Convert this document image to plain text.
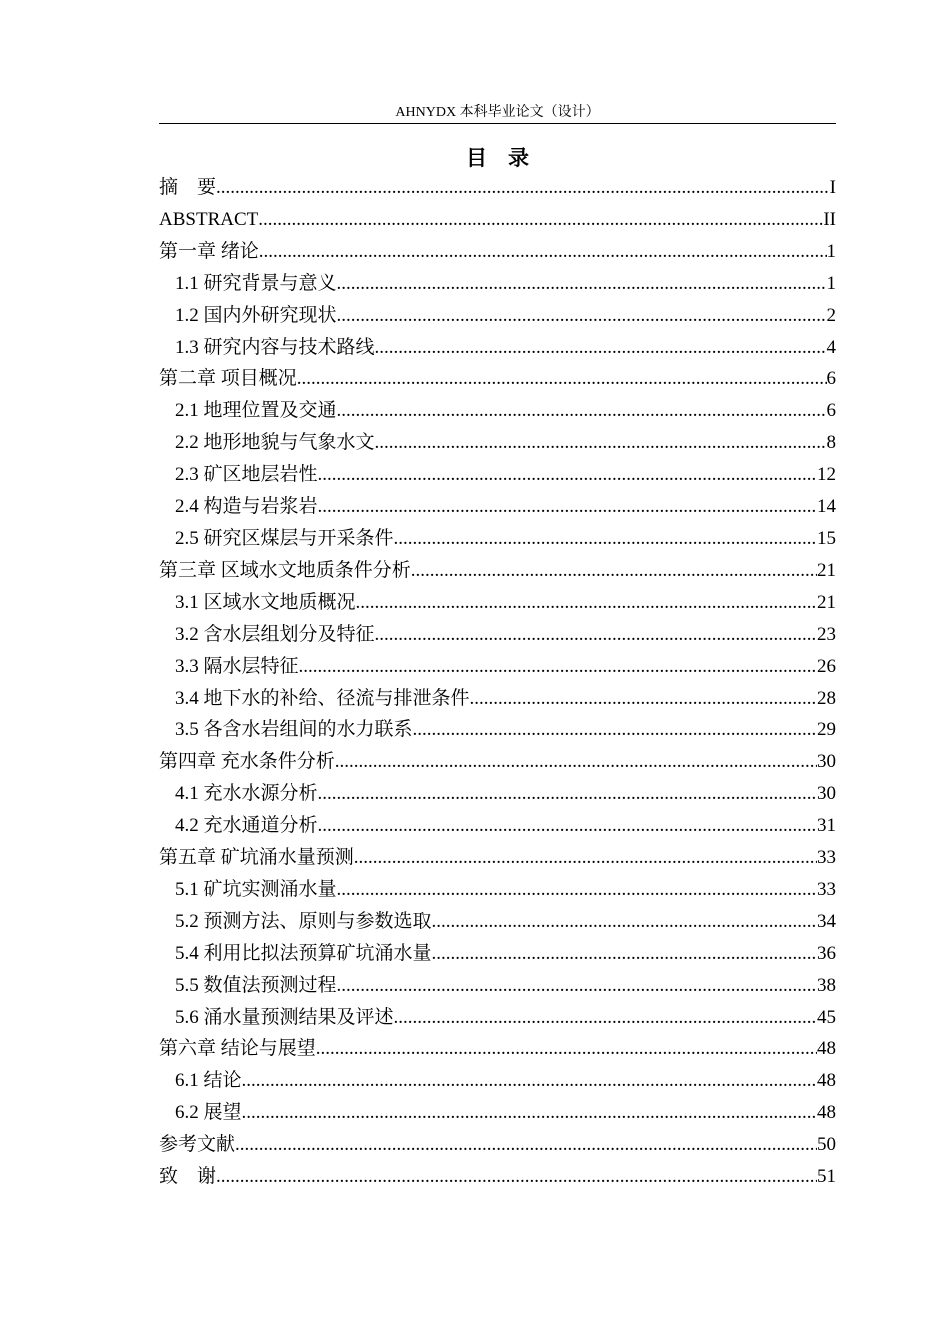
AHNYDX 本科毕业论文（设计）
目　录
摘　要 .....	I
ABSTRACT .....	II
第一章 绪论 .....	1
1.1 研究背景与意义 .....	1
1.2 国内外研究现状 .....	2
1.3 研究内容与技术路线 .....	4
第二章 项目概况 .....	6
2.1 地理位置及交通 .....	6
2.2 地形地貌与气象水文 .....	8
2.3 矿区地层岩性 .....	12
2.4 构造与岩浆岩 .....	14
2.5 研究区煤层与开采条件 .....	15
第三章 区域水文地质条件分析 .....	21
3.1 区域水文地质概况 .....	21
3.2 含水层组划分及特征 .....	23
3.3 隔水层特征 .....	26
3.4 地下水的补给、径流与排泄条件 .....	28
3.5 各含水岩组间的水力联系 .....	29
第四章 充水条件分析 .....	30
4.1 充水水源分析 .....	30
4.2 充水通道分析 .....	31
第五章 矿坑涌水量预测 .....	33
5.1 矿坑实测涌水量 .....	33
5.2 预测方法、原则与参数选取 .....	34
5.4 利用比拟法预算矿坑涌水量 .....	36
5.5 数值法预测过程 .....	38
5.6 涌水量预测结果及评述 .....	45
第六章 结论与展望 .....	48
6.1 结论 .....	48
6.2 展望 .....	48
参考文献 .....	50
致　谢 .....	51
